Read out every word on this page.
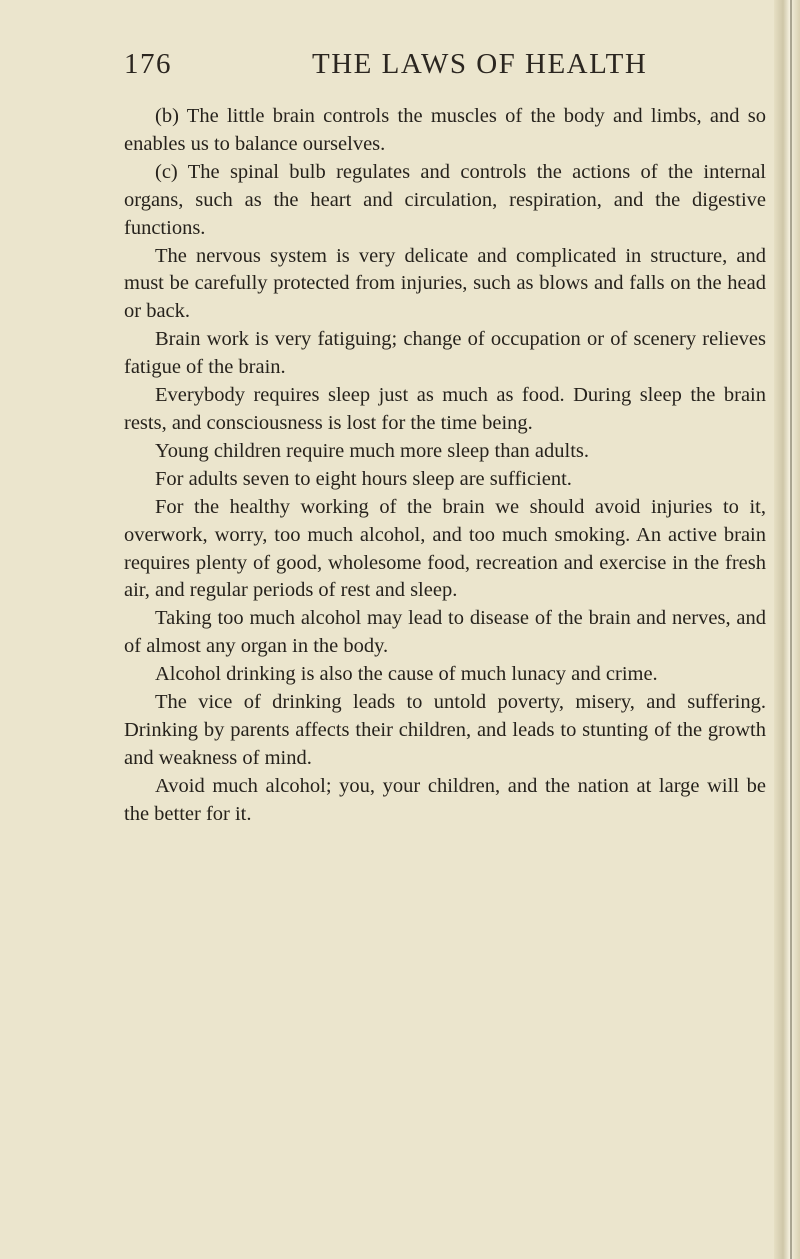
176	THE LAWS OF HEALTH

(b) The little brain controls the muscles of the body and limbs, and so enables us to balance ourselves.

(c) The spinal bulb regulates and controls the actions of the internal organs, such as the heart and circulation, respiration, and the digestive functions.

The nervous system is very delicate and complicated in structure, and must be carefully protected from injuries, such as blows and falls on the head or back.

Brain work is very fatiguing; change of occupation or of scenery relieves fatigue of the brain.

Everybody requires sleep just as much as food. During sleep the brain rests, and consciousness is lost for the time being.

Young children require much more sleep than adults.

For adults seven to eight hours sleep are sufficient.

For the healthy working of the brain we should avoid injuries to it, overwork, worry, too much alcohol, and too much smoking. An active brain requires plenty of good, wholesome food, recreation and exercise in the fresh air, and regular periods of rest and sleep.

Taking too much alcohol may lead to disease of the brain and nerves, and of almost any organ in the body.

Alcohol drinking is also the cause of much lunacy and crime.

The vice of drinking leads to untold poverty, misery, and suffering. Drinking by parents affects their children, and leads to stunting of the growth and weakness of mind.

Avoid much alcohol; you, your children, and the nation at large will be the better for it.
